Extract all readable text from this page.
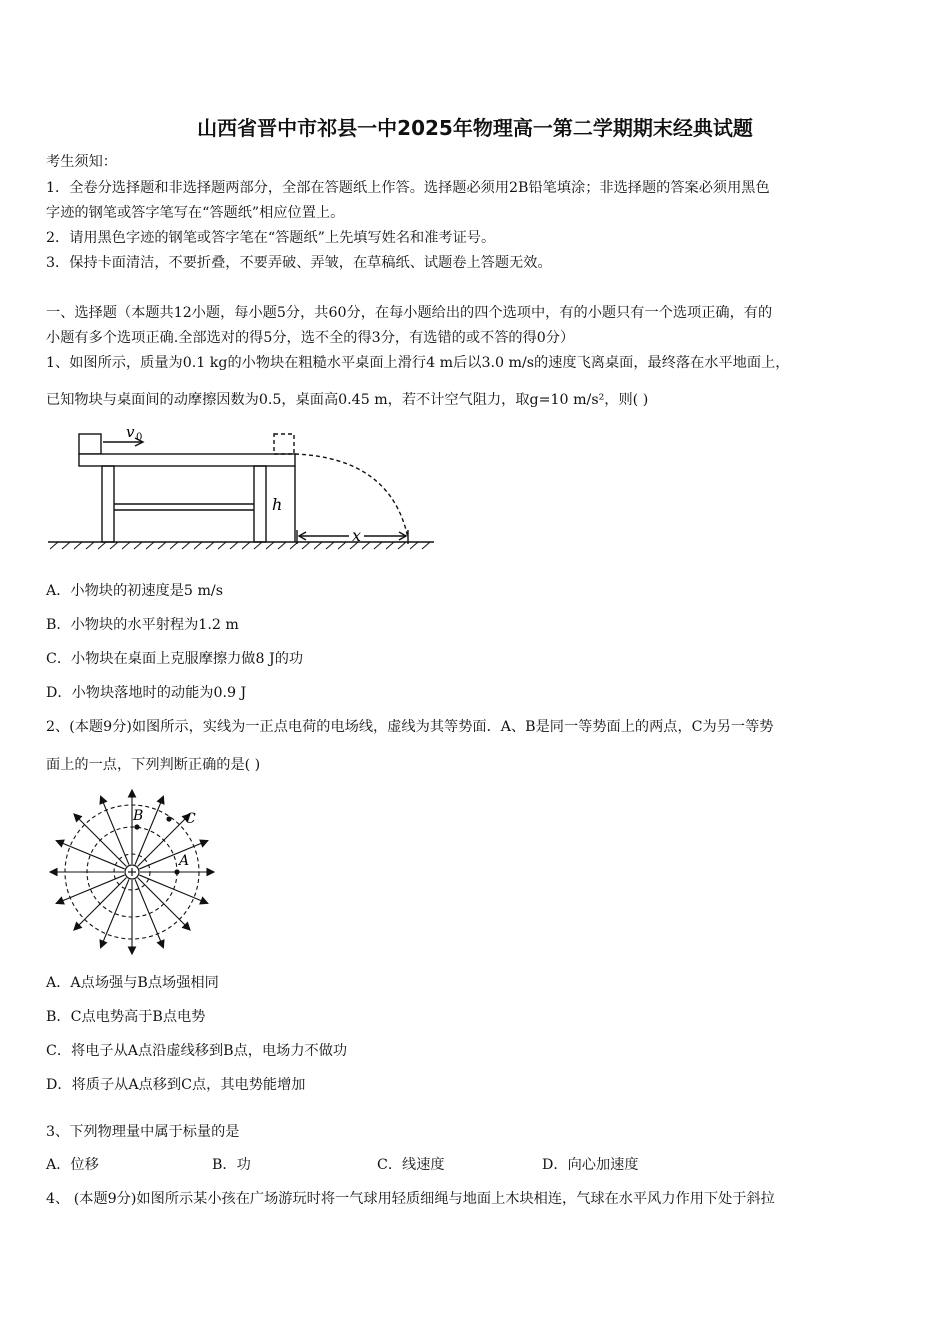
山西省晋中市祁县一中2025年物理高一第二学期期末经典试题
考生须知：
1．全卷分选择题和非选择题两部分，全部在答题纸上作答。选择题必须用2B铅笔填涂；非选择题的答案必须用黑色
字迹的钢笔或答字笔写在“答题纸”相应位置上。
2．请用黑色字迹的钢笔或答字笔在“答题纸”上先填写姓名和准考证号。
3．保持卡面清洁，不要折叠，不要弄破、弄皱，在草稿纸、试题卷上答题无效。
一、选择题（本题共12小题，每小题5分，共60分，在每小题给出的四个选项中，有的小题只有一个选项正确，有的
小题有多个选项正确.全部选对的得5分，选不全的得3分，有选错的或不答的得0分）
1、如图所示，质量为0.1 kg的小物块在粗糙水平桌面上滑行4 m后以3.0 m/s的速度飞离桌面，最终落在水平地面上，
已知物块与桌面间的动摩擦因数为0.5，桌面高0.45 m，若不计空气阻力，取g=10 m/s²，则( )
v 0
h
x
A．小物块的初速度是5 m/s
B．小物块的水平射程为1.2 m
C．小物块在桌面上克服摩擦力做8 J的功
D．小物块落地时的动能为0.9 J
2、(本题9分)如图所示，实线为一正点电荷的电场线，虚线为其等势面．A、B是同一等势面上的两点，C为另一等势
面上的一点，下列判断正确的是( )
A
B	C
A．A点场强与B点场强相同
B．C点电势高于B点电势
C．将电子从A点沿虚线移到B点，电场力不做功
D．将质子从A点移到C点，其电势能增加
3、下列物理量中属于标量的是
A．位移	B．功	C．线速度	D．向心加速度
4、 (本题9分)如图所示某小孩在广场游玩时将一气球用轻质细绳与地面上木块相连，气球在水平风力作用下处于斜拉
